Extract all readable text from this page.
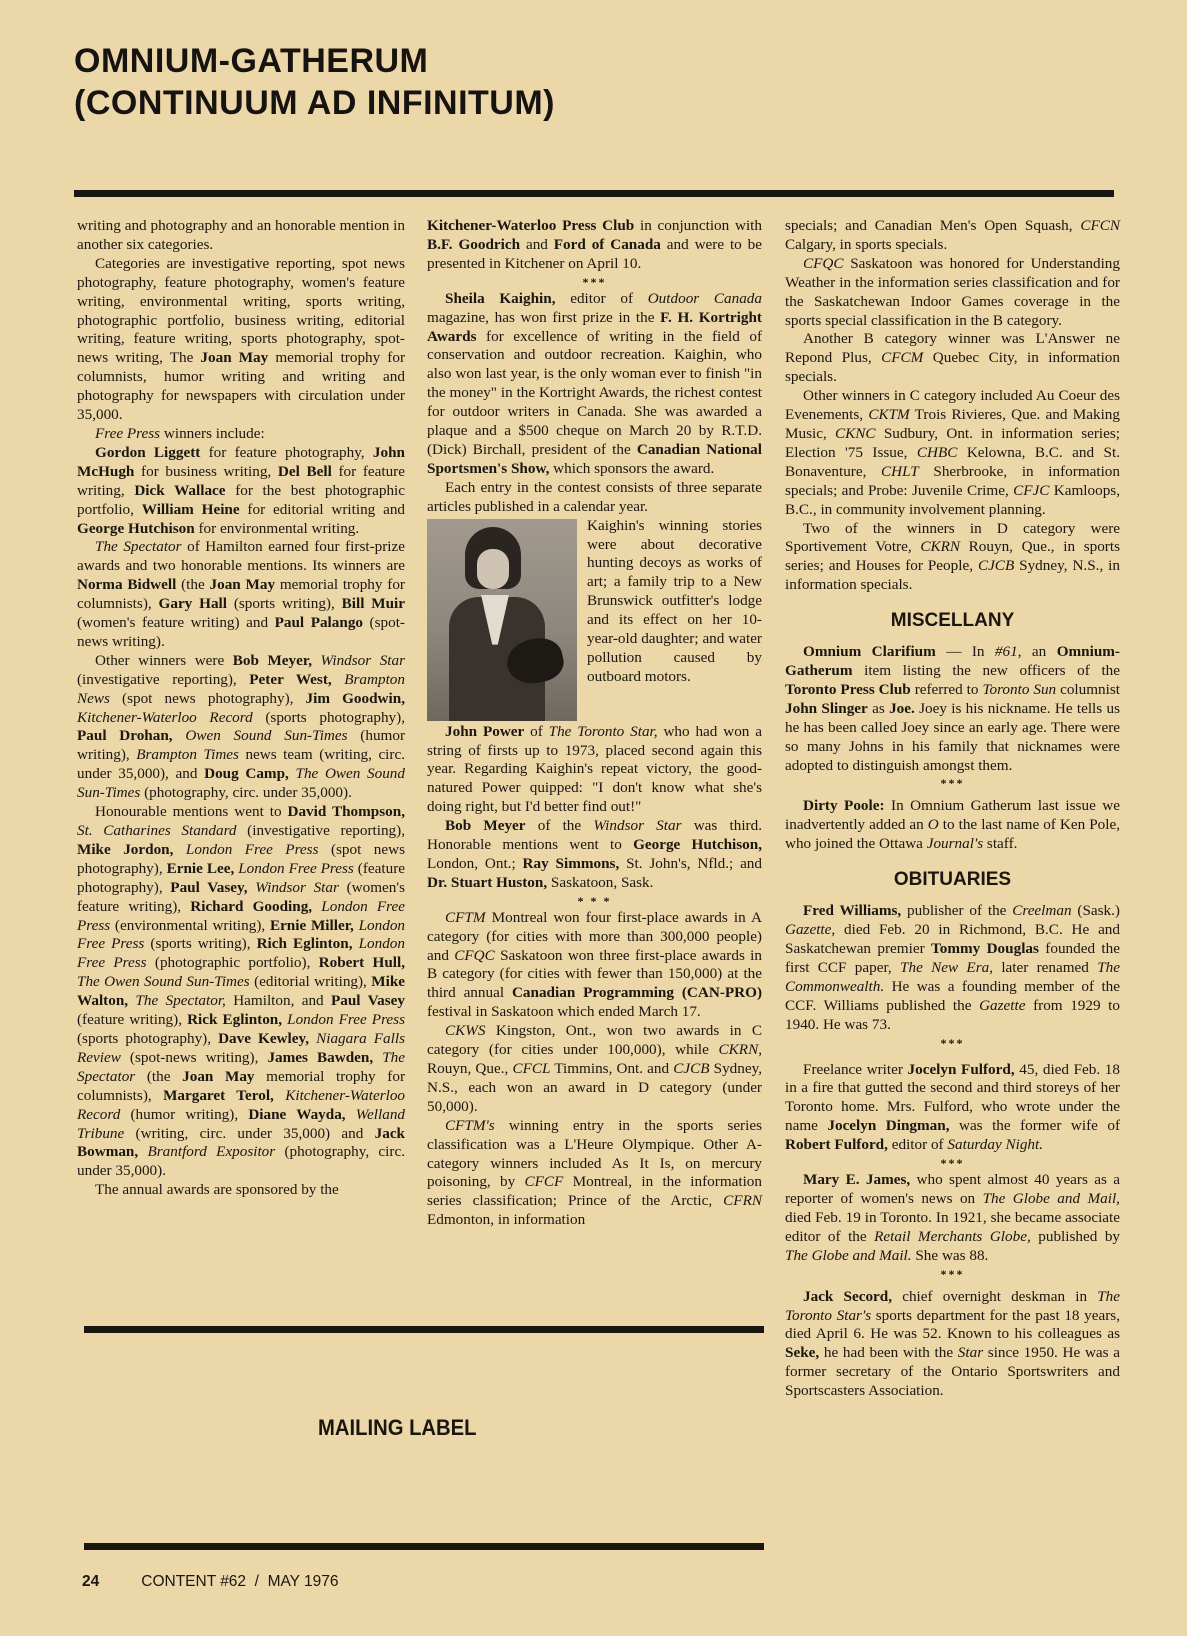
OMNIUM-GATHERUM
(CONTINUUM AD INFINITUM)

writing and photography and an honorable mention in another six categories.

Categories are investigative reporting, spot news photography, feature photography, women's feature writing, environmental writing, sports writing, photographic portfolio, business writing, editorial writing, feature writing, sports photography, spot-news writing, The Joan May memorial trophy for columnists, humor writing and writing and photography for newspapers with circulation under 35,000.

Free Press winners include:

Gordon Liggett for feature photography, John McHugh for business writing, Del Bell for feature writing, Dick Wallace for the best photographic portfolio, William Heine for editorial writing and George Hutchison for environmental writing.

The Spectator of Hamilton earned four first-prize awards and two honorable mentions. Its winners are Norma Bidwell (the Joan May memorial trophy for columnists), Gary Hall (sports writing), Bill Muir (women's feature writing) and Paul Palango (spot-news writing).

Other winners were Bob Meyer, Windsor Star (investigative reporting), Peter West, Brampton News (spot news photography), Jim Goodwin, Kitchener-Waterloo Record (sports photography), Paul Drohan, Owen Sound Sun-Times (humor writing), Brampton Times news team (writing, circ. under 35,000), and Doug Camp, The Owen Sound Sun-Times (photography, circ. under 35,000).

Honourable mentions went to David Thompson, St. Catharines Standard (investigative reporting), Mike Jordon, London Free Press (spot news photography), Ernie Lee, London Free Press (feature photography), Paul Vasey, Windsor Star (women's feature writing), Richard Gooding, London Free Press (environmental writing), Ernie Miller, London Free Press (sports writing), Rich Eglinton, London Free Press (photographic portfolio), Robert Hull, The Owen Sound Sun-Times (editorial writing), Mike Walton, The Spectator, Hamilton, and Paul Vasey (feature writing), Rick Eglinton, London Free Press (sports photography), Dave Kewley, Niagara Falls Review (spot-news writing), James Bawden, The Spectator (the Joan May memorial trophy for columnists), Margaret Terol, Kitchener-Waterloo Record (humor writing), Diane Wayda, Welland Tribune (writing, circ. under 35,000) and Jack Bowman, Brantford Expositor (photography, circ. under 35,000).

The annual awards are sponsored by the

Kitchener-Waterloo Press Club in conjunction with B.F. Goodrich and Ford of Canada and were to be presented in Kitchener on April 10.

***

Sheila Kaighin, editor of Outdoor Canada magazine, has won first prize in the F. H. Kortright Awards for excellence of writing in the field of conservation and outdoor recreation. Kaighin, who also won last year, is the only woman ever to finish "in the money" in the Kortright Awards, the richest contest for outdoor writers in Canada. She was awarded a plaque and a $500 cheque on March 20 by R.T.D. (Dick) Birchall, president of the Canadian National Sportsmen's Show, which sponsors the award.

Each entry in the contest consists of three separate articles published in a calendar year.

Kaighin's winning stories were about decorative hunting decoys as works of art; a family trip to a New Brunswick outfitter's lodge and its effect on her 10-year-old daughter; and water pollution caused by outboard motors.

John Power of The Toronto Star, who had won a string of firsts up to 1973, placed second again this year. Regarding Kaighin's repeat victory, the good-natured Power quipped: "I don't know what she's doing right, but I'd better find out!"

Bob Meyer of the Windsor Star was third. Honorable mentions went to George Hutchison, London, Ont.; Ray Simmons, St. John's, Nfld.; and Dr. Stuart Huston, Saskatoon, Sask.

* * *

CFTM Montreal won four first-place awards in A category (for cities with more than 300,000 people) and CFQC Saskatoon won three first-place awards in B category (for cities with fewer than 150,000) at the third annual Canadian Programming (CAN-PRO) festival in Saskatoon which ended March 17.

CKWS Kingston, Ont., won two awards in C category (for cities under 100,000), while CKRN, Rouyn, Que., CFCL Timmins, Ont. and CJCB Sydney, N.S., each won an award in D category (under 50,000).

CFTM's winning entry in the sports series classification was a L'Heure Olympique. Other A-category winners included As It Is, on mercury poisoning, by CFCF Montreal, in the information series classification; Prince of the Arctic, CFRN Edmonton, in information

specials; and Canadian Men's Open Squash, CFCN Calgary, in sports specials.

CFQC Saskatoon was honored for Understanding Weather in the information series classification and for the Saskatchewan Indoor Games coverage in the sports special classification in the B category.

Another B category winner was L'Answer ne Repond Plus, CFCM Quebec City, in information specials.

Other winners in C category included Au Coeur des Evenements, CKTM Trois Rivieres, Que. and Making Music, CKNC Sudbury, Ont. in information series; Election '75 Issue, CHBC Kelowna, B.C. and St. Bonaventure, CHLT Sherbrooke, in information specials; and Probe: Juvenile Crime, CFJC Kamloops, B.C., in community involvement planning.

Two of the winners in D category were Sportivement Votre, CKRN Rouyn, Que., in sports series; and Houses for People, CJCB Sydney, N.S., in information specials.

MISCELLANY

Omnium Clarifium — In #61, an Omnium-Gatherum item listing the new officers of the Toronto Press Club referred to Toronto Sun columnist John Slinger as Joe. Joey is his nickname. He tells us he has been called Joey since an early age. There were so many Johns in his family that nicknames were adopted to distinguish amongst them.

***

Dirty Poole: In Omnium Gatherum last issue we inadvertently added an O to the last name of Ken Pole, who joined the Ottawa Journal's staff.

OBITUARIES

Fred Williams, publisher of the Creelman (Sask.) Gazette, died Feb. 20 in Richmond, B.C. He and Saskatchewan premier Tommy Douglas founded the first CCF paper, The New Era, later renamed The Commonwealth. He was a founding member of the CCF. Williams published the Gazette from 1929 to 1940. He was 73.

***

Freelance writer Jocelyn Fulford, 45, died Feb. 18 in a fire that gutted the second and third storeys of her Toronto home. Mrs. Fulford, who wrote under the name Jocelyn Dingman, was the former wife of Robert Fulford, editor of Saturday Night.

***

Mary E. James, who spent almost 40 years as a reporter of women's news on The Globe and Mail, died Feb. 19 in Toronto. In 1921, she became associate editor of the Retail Merchants Globe, published by The Globe and Mail. She was 88.

***

Jack Secord, chief overnight deskman in The Toronto Star's sports department for the past 18 years, died April 6. He was 52. Known to his colleagues as Seke, he had been with the Star since 1950. He was a former secretary of the Ontario Sportswriters and Sportscasters Association.

MAILING LABEL
24	CONTENT #62  /  MAY 1976
